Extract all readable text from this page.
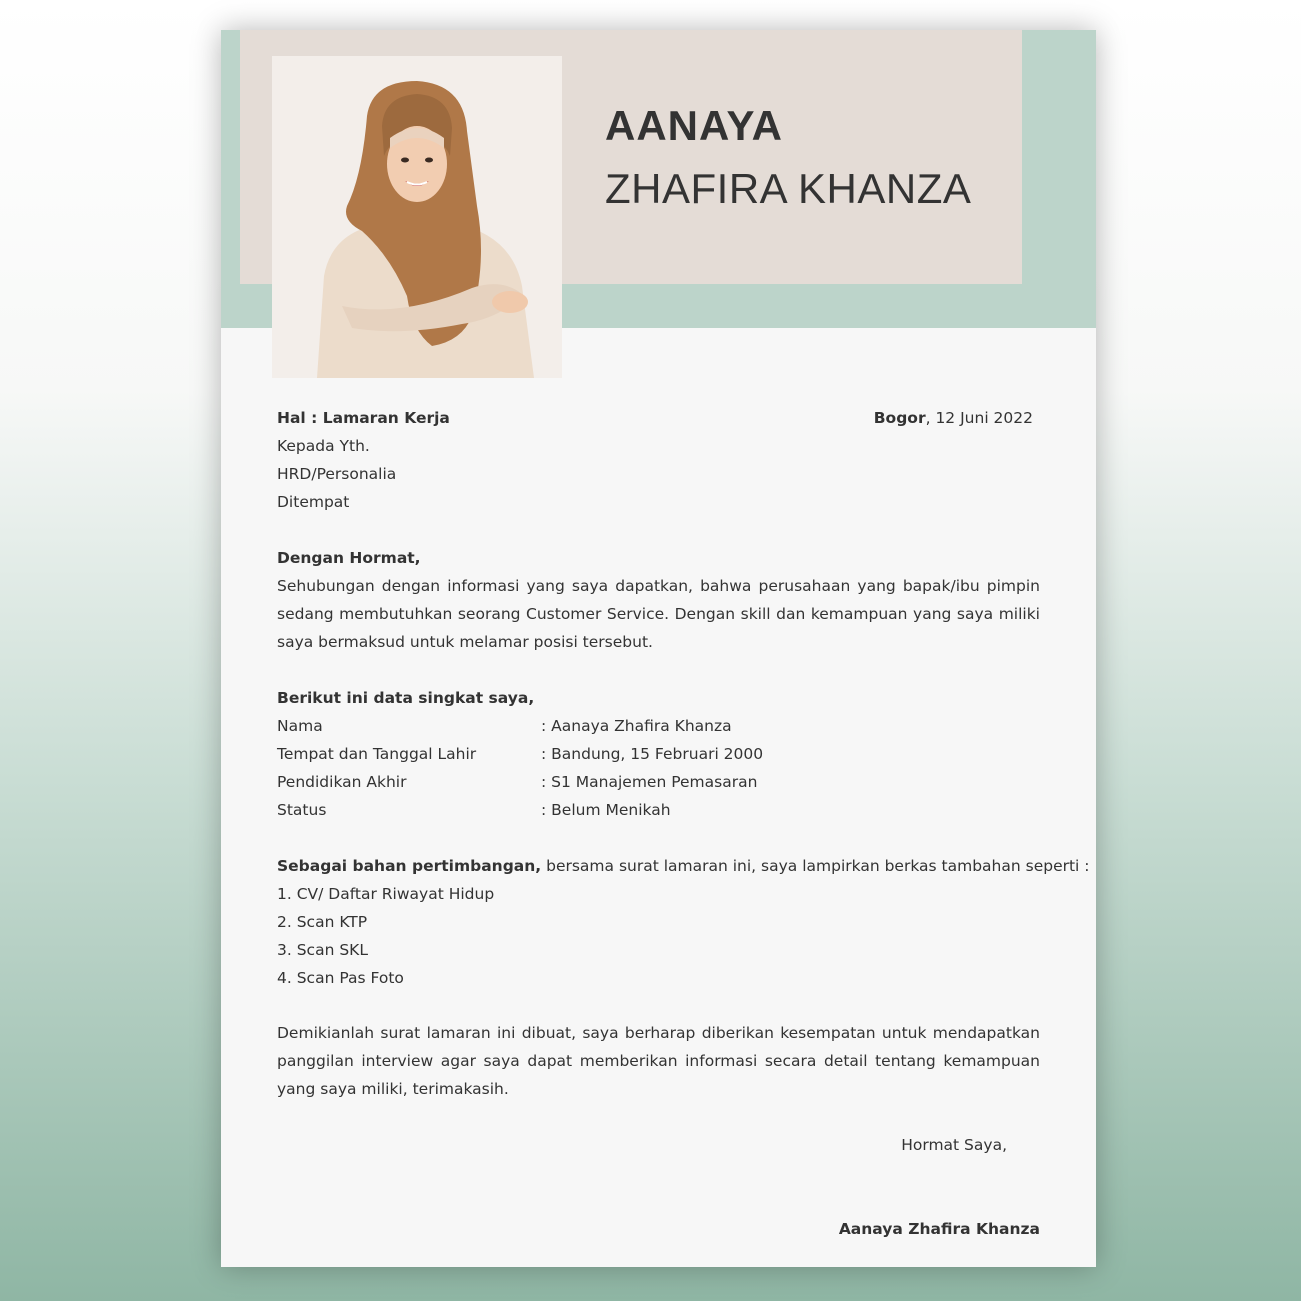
AANAYA
ZHAFIRA KHANZA
Hal : Lamaran Kerja	Bogor, 12 Juni 2022
Kepada Yth.
HRD/Personalia
Ditempat
Dengan Hormat,
Sehubungan dengan informasi yang saya dapatkan, bahwa perusahaan yang bapak/ibu pimpin sedang membutuhkan seorang Customer Service. Dengan skill dan kemampuan yang saya miliki saya bermaksud untuk melamar posisi tersebut.
Berikut ini data singkat saya,
Nama	: Aanaya Zhafira Khanza
Tempat dan Tanggal Lahir	: Bandung, 15 Februari 2000
Pendidikan Akhir	: S1 Manajemen Pemasaran
Status	: Belum Menikah
Sebagai bahan pertimbangan, bersama surat lamaran ini, saya lampirkan berkas tambahan seperti :
1. CV/ Daftar Riwayat Hidup
2. Scan KTP
3. Scan SKL
4. Scan Pas Foto
Demikianlah surat lamaran ini dibuat, saya berharap diberikan kesempatan untuk mendapatkan panggilan interview agar saya dapat memberikan informasi secara detail tentang kemampuan yang saya miliki, terimakasih.
Hormat Saya,
Aanaya Zhafira Khanza
